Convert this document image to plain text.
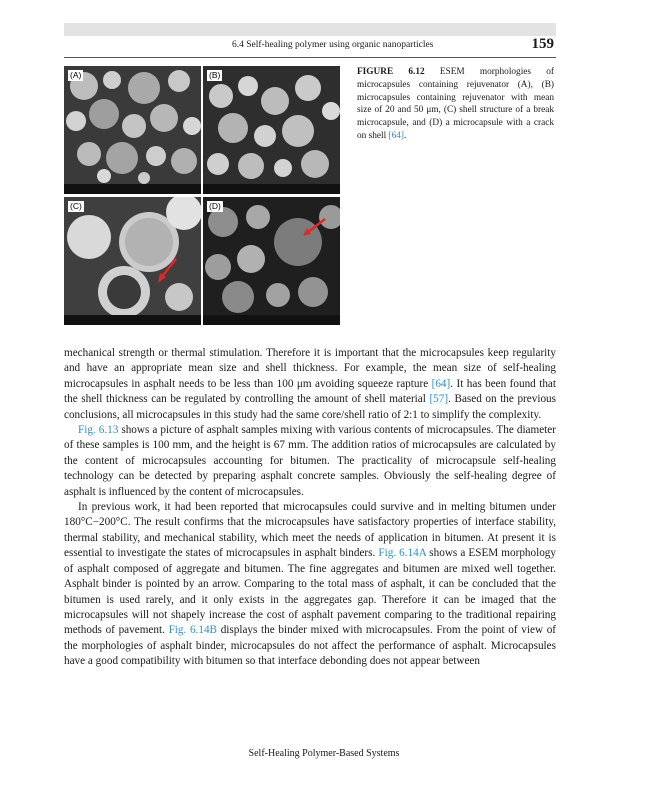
6.4 Self-healing polymer using organic nanoparticles	159
(A)	(B)
(C)	(D)
FIGURE 6.12 ESEM morphologies of microcapsules containing rejuvenator (A), (B) microcapsules containing rejuvenator with mean size of 20 and 50 μm, (C) shell structure of a break microcapsule, and (D) a microcapsule with a crack on shell [64].

mechanical strength or thermal stimulation. Therefore it is important that the microcapsules keep regularity and have an appropriate mean size and shell thickness. For example, the mean size of self-healing microcapsules in asphalt needs to be less than 100 μm avoiding squeeze rapture [64]. It has been found that the shell thickness can be regulated by controlling the amount of shell material [57]. Based on the previous conclusions, all microcapsules in this study had the same core/shell ratio of 2:1 to simplify the complexity.

Fig. 6.13 shows a picture of asphalt samples mixing with various contents of microcapsules. The diameter of these samples is 100 mm, and the height is 67 mm. The addition ratios of microcapsules are calculated by the content of microcapsules accounting for bitumen. The practicality of microcapsule self-healing technology can be detected by preparing asphalt concrete samples. Obviously the self-healing degree of asphalt is influenced by the content of microcapsules.

In previous work, it had been reported that microcapsules could survive and in melting bitumen under 180°C−200°C. The result confirms that the microcapsules have satisfactory properties of interface stability, thermal stability, and mechanical stability, which meet the needs of application in bitumen. At present it is essential to investigate the states of microcapsules in asphalt binders. Fig. 6.14A shows a ESEM morphology of asphalt composed of aggregate and bitumen. The fine aggregates and bitumen are mixed well together. Asphalt binder is pointed by an arrow. Comparing to the total mass of asphalt, it can be concluded that the bitumen is used rarely, and it only exists in the aggregates gap. Therefore it can be imaged that the microcapsules will not shapely increase the cost of asphalt pavement comparing to the traditional repairing methods of pavement. Fig. 6.14B displays the binder mixed with microcapsules. From the point of view of the morphologies of asphalt binder, microcapsules do not affect the performance of asphalt. Microcapsules have a good compatibility with bitumen so that interface debonding does not appear between

Self-Healing Polymer-Based Systems
